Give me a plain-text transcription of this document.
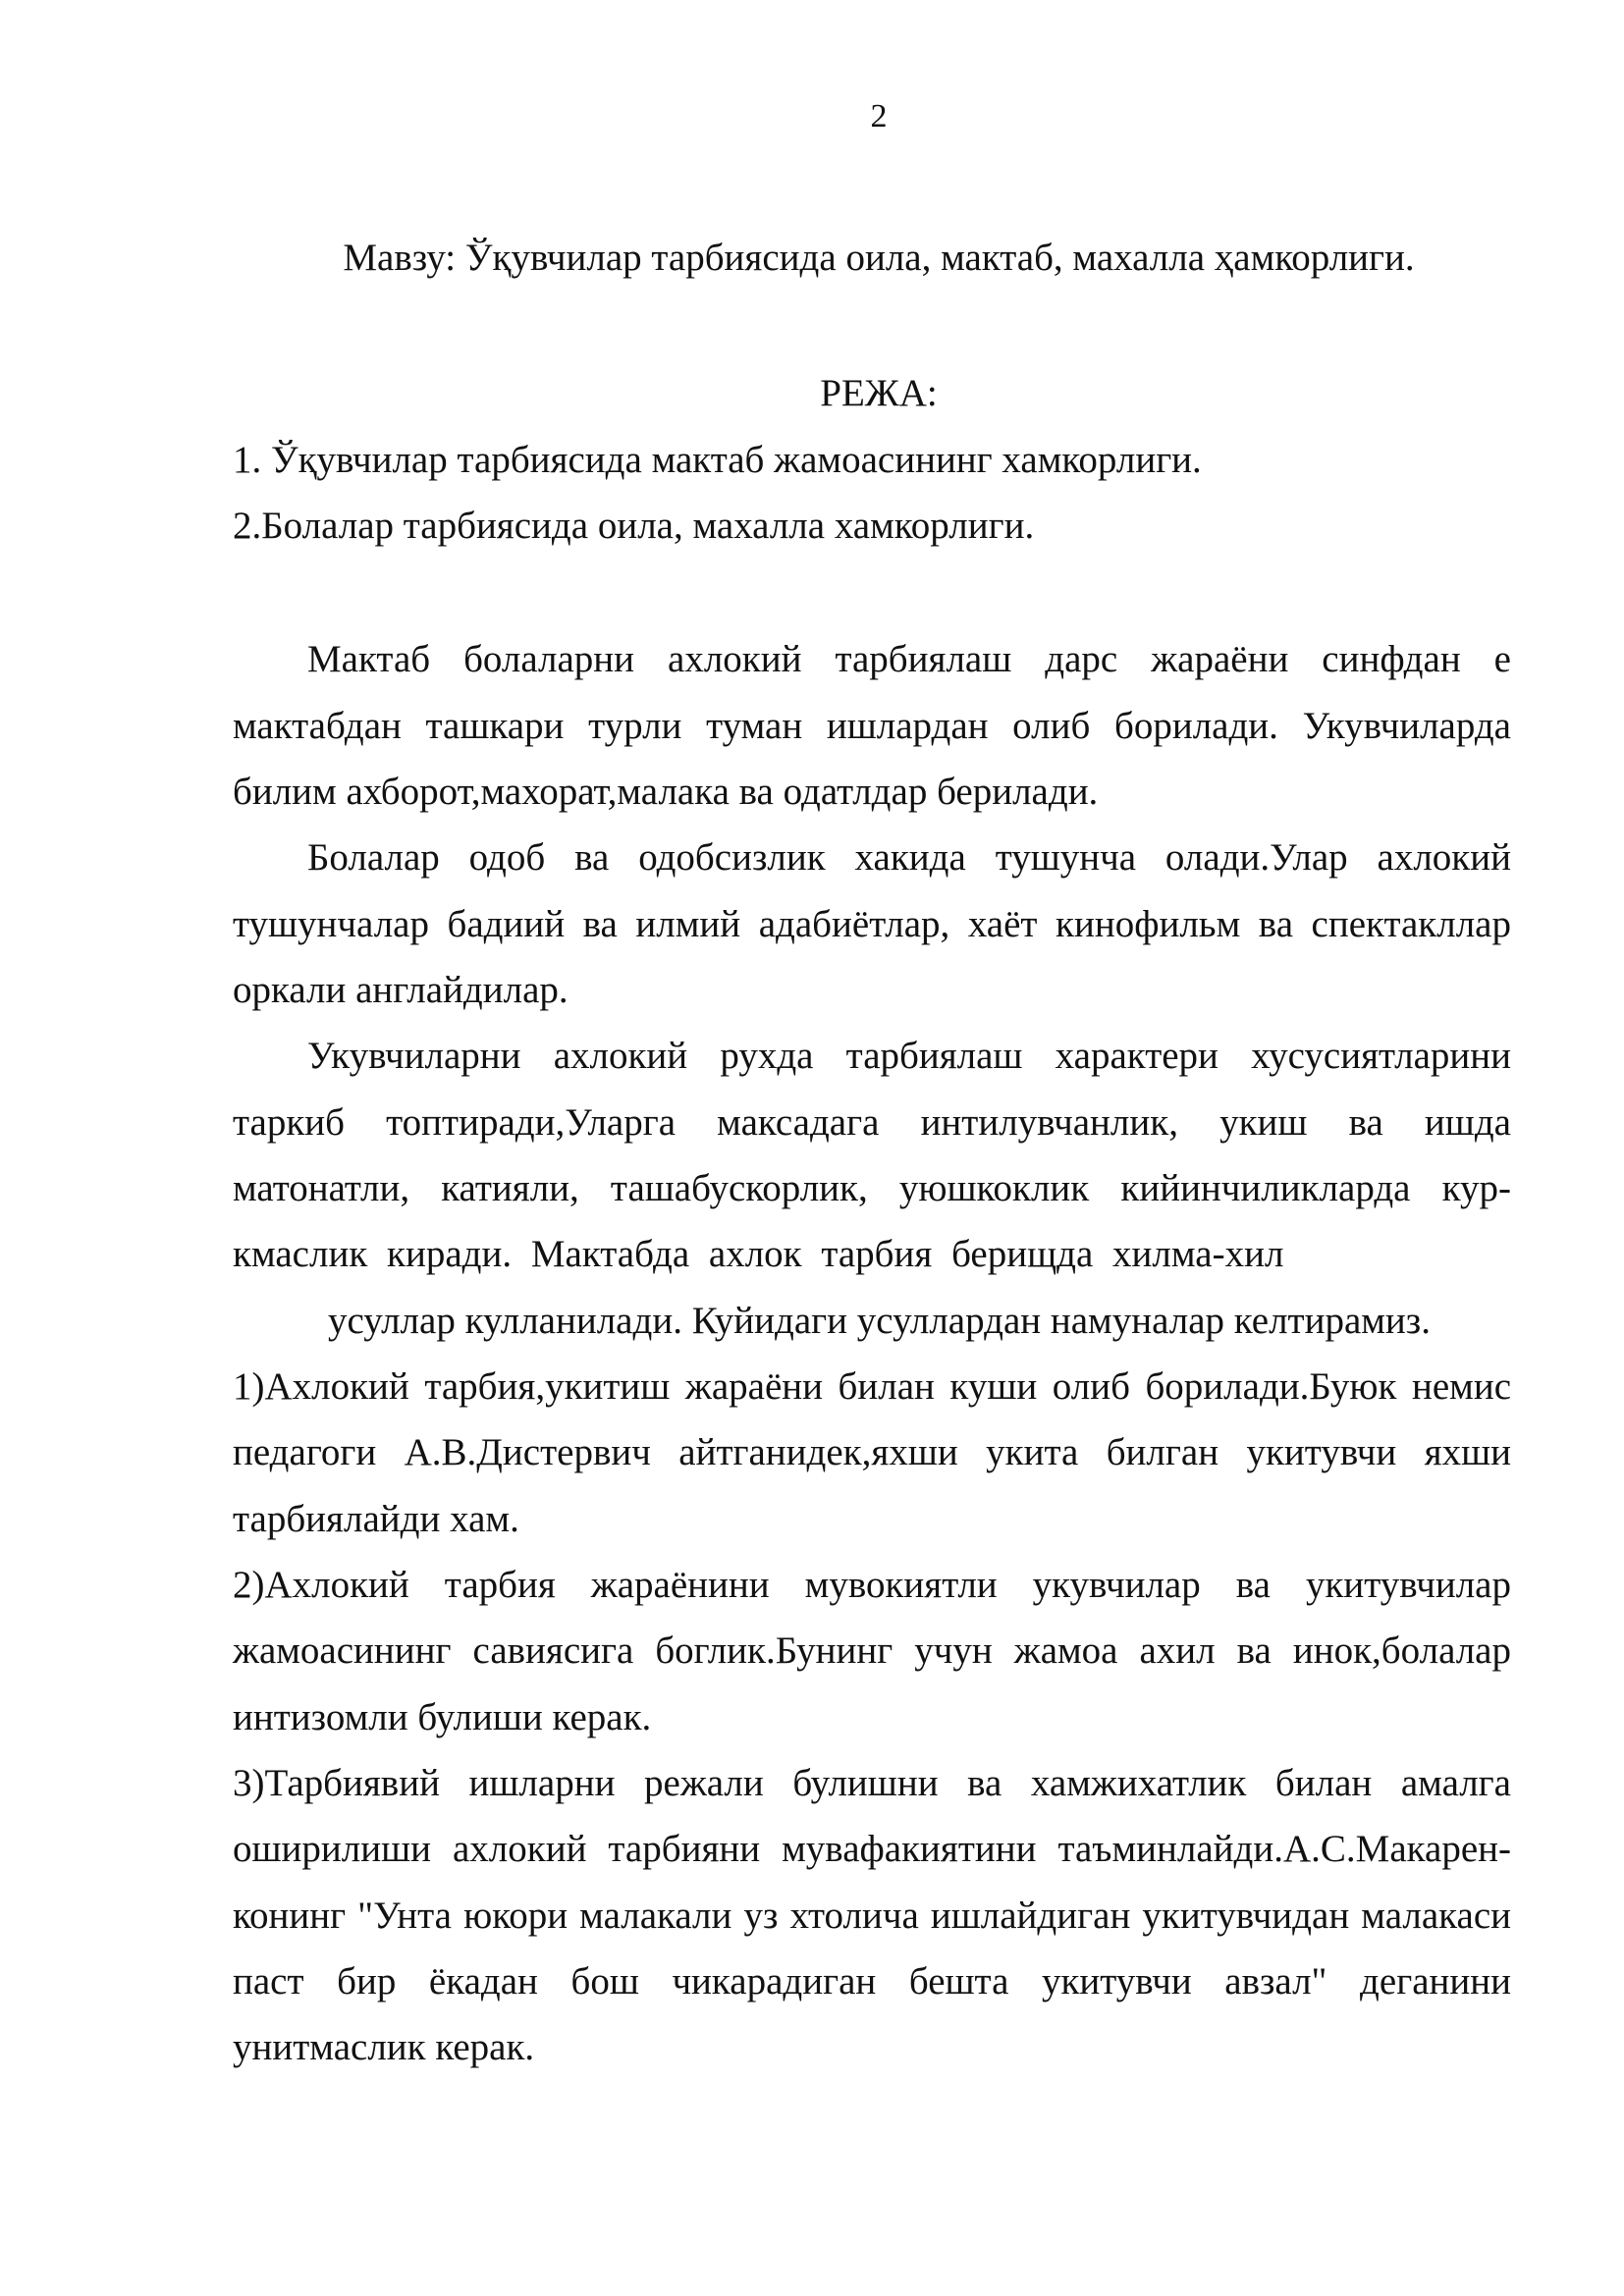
2
Мавзу: Ўқувчилар тарбиясида оила, мактаб, махалла ҳамкорлиги.
РЕЖА:
1. Ўқувчилар тарбиясида мактаб жамоасининг хамкорлиги.
2.Болалар тарбиясида оила, махалла хамкорлиги.
Мактаб болаларни ахлокий тарбиялаш дарс жараёни синфдан е
мактабдан ташкари турли туман ишлардан олиб борилади. Укувчиларда
билим ахборот,махорат,малака ва одатлдар берилади.
Болалар одоб ва одобсизлик хакида тушунча олади.Улар ахлокий
тушунчалар бадиий ва илмий адабиётлар, хаёт кинофильм ва спектакллар
оркали англайдилар.
Укувчиларни ахлокий рухда тарбиялаш характери хусусиятларини
таркиб топтиради,Уларга максадага интилувчанлик, укиш ва ишда
матонатли, катияли, ташабускорлик, уюшкоклик кийинчиликларда кур-
кмаслик киради. Мактабда ахлок тарбия берищда хилма-хил
усуллар кулланилади. Куйидаги усуллардан намуналар келтирамиз.
1)Ахлокий тарбия,укитиш жараёни билан куши олиб борилади.Буюк немис
педагоги А.В.Дистервич айтганидек,яхши укита билган укитувчи яхши
тарбиялайди хам.
2)Ахлокий тарбия жараёнини мувокиятли укувчилар ва укитувчилар
жамоасининг савиясига боглик.Бунинг учун жамоа ахил ва инок,болалар
интизомли булиши керак.
3)Тарбиявий ишларни режали булишни ва хамжихатлик билан амалга
оширилиши ахлокий тарбияни мувафакиятини таъминлайди.А.С.Макарен-
конинг "Унта юкори малакали уз хтолича ишлайдиган укитувчидан малакаси
паст бир ёкадан бош чикарадиган бешта укитувчи авзал" деганини
унитмаслик керак.
